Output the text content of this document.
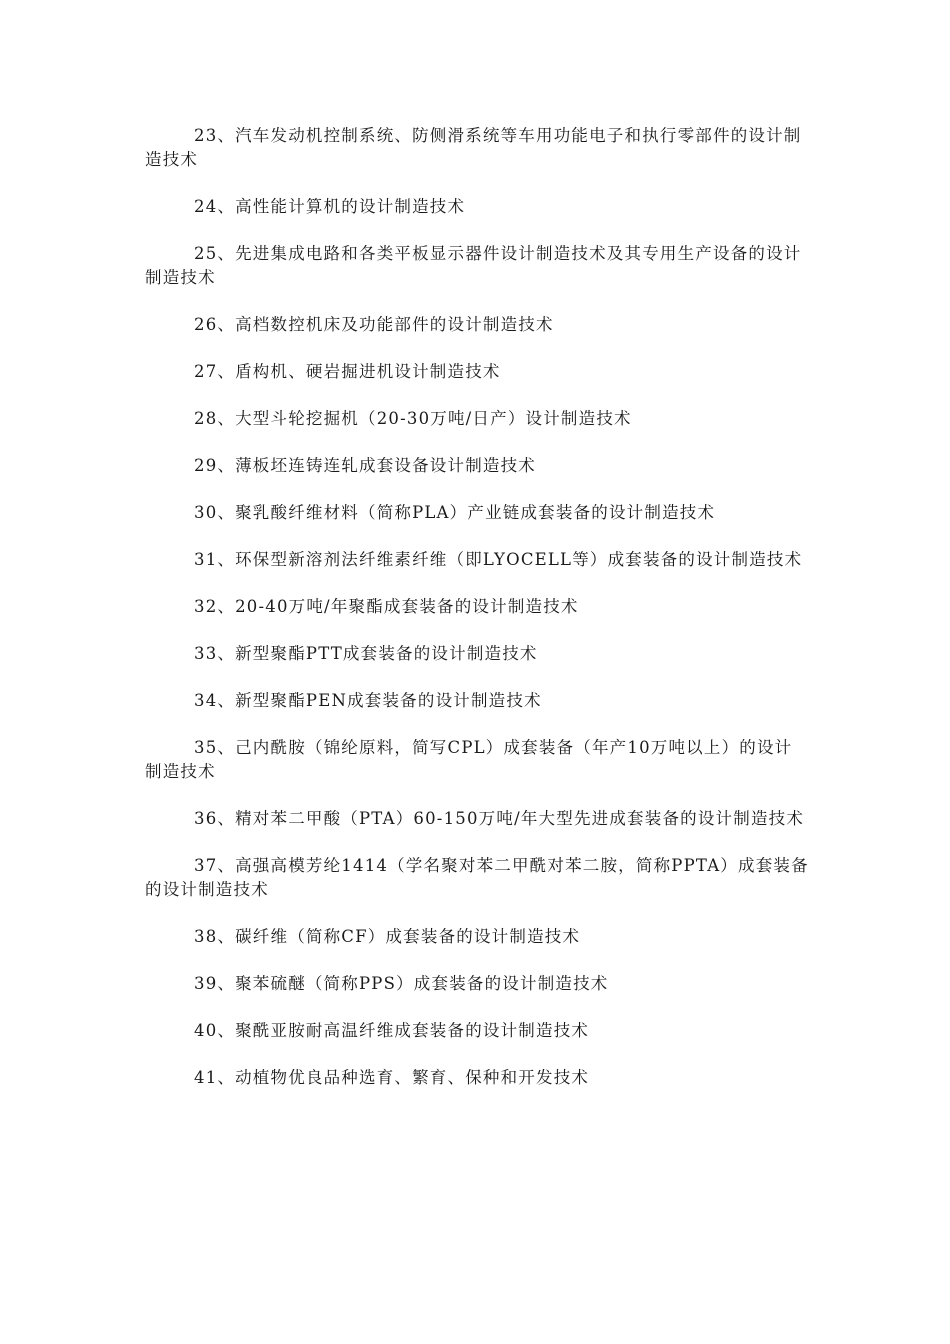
23、汽车发动机控制系统、防侧滑系统等车用功能电子和执行零部件的设计制造技术

24、高性能计算机的设计制造技术

25、先进集成电路和各类平板显示器件设计制造技术及其专用生产设备的设计制造技术

26、高档数控机床及功能部件的设计制造技术

27、盾构机、硬岩掘进机设计制造技术

28、大型斗轮挖掘机（20-30万吨/日产）设计制造技术

29、薄板坯连铸连轧成套设备设计制造技术

30、聚乳酸纤维材料（简称PLA）产业链成套装备的设计制造技术

31、环保型新溶剂法纤维素纤维（即LYOCELL等）成套装备的设计制造技术

32、20-40万吨/年聚酯成套装备的设计制造技术

33、新型聚酯PTT成套装备的设计制造技术

34、新型聚酯PEN成套装备的设计制造技术

35、己内酰胺（锦纶原料，简写CPL）成套装备（年产10万吨以上）的设计制造技术

36、精对苯二甲酸（PTA）60-150万吨/年大型先进成套装备的设计制造技术

37、高强高模芳纶1414（学名聚对苯二甲酰对苯二胺，简称PPTA）成套装备的设计制造技术

38、碳纤维（简称CF）成套装备的设计制造技术

39、聚苯硫醚（简称PPS）成套装备的设计制造技术

40、聚酰亚胺耐高温纤维成套装备的设计制造技术

41、动植物优良品种选育、繁育、保种和开发技术
